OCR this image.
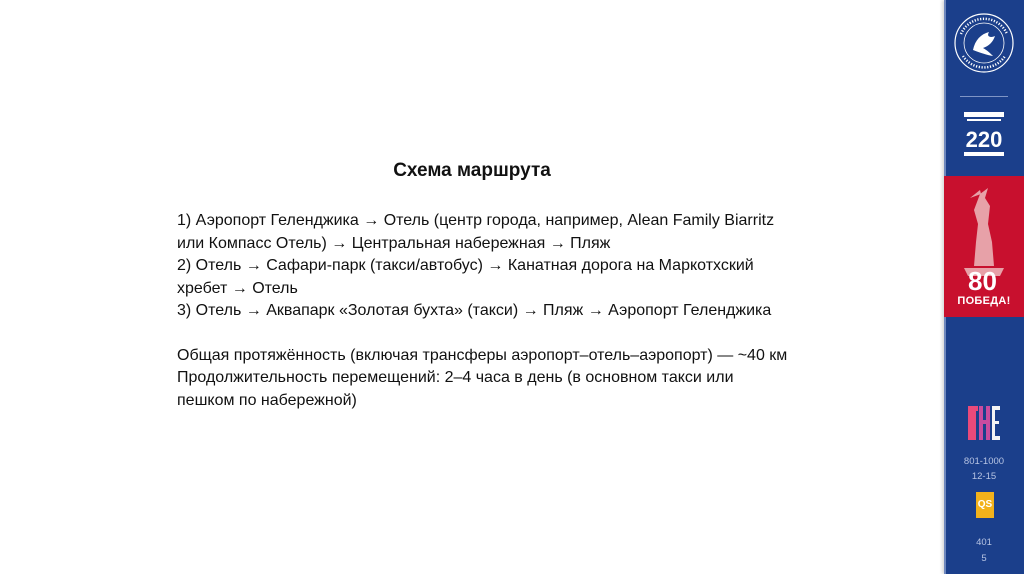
Схема маршрута

1) Аэропорт Геленджика → Отель (центр города, например, Alean Family Biarritz

или Компасс Отель) → Центральная набережная → Пляж

2) Отель → Сафари-парк (такси/автобус) → Канатная дорога на Маркотхский

хребет → Отель

3) Отель → Аквапарк «Золотая бухта» (такси) → Пляж → Аэропорт Геленджика

Общая протяжённость (включая трансферы аэропорт–отель–аэропорт) — ~40 км

Продолжительность перемещений: 2–4 часа в день (в основном такси или

пешком по набережной)

220
80
ПОБЕДА!
801-1000
12-15
QS
401
5
